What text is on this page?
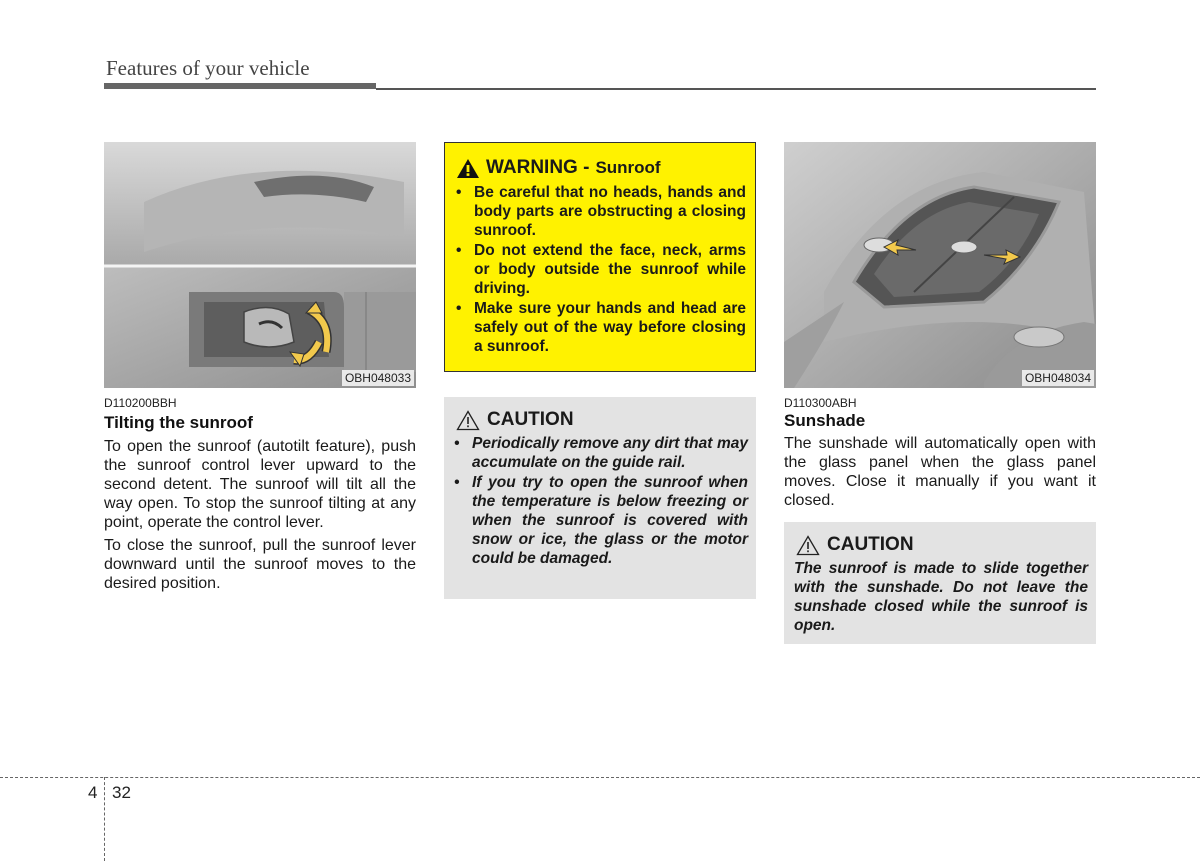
Features of your vehicle
OBH048033
D110200BBH
Tilting the sunroof

To open the sunroof (autotilt feature), push the sunroof control lever upward to the second detent. The sunroof will tilt all the way open. To stop the sunroof tilting at any point, operate the control lever.

To close the sunroof, pull the sunroof lever downward until the sunroof moves to the desired position.

WARNING - Sunroof
• Be careful that no heads, hands and body parts are obstructing a closing sunroof.
• Do not extend the face, neck, arms or body outside the sunroof while driving.
• Make sure your hands and head are safely out of the way before closing a sunroof.
CAUTION
• Periodically remove any dirt that may accumulate on the guide rail.
• If you try to open the sunroof when the temperature is below freezing or when the sunroof is covered with snow or ice, the glass or the motor could be damaged.
OBH048034
D110300ABH
Sunshade

The sunshade will automatically open with the glass panel when the glass panel moves. Close it manually if you want it closed.

CAUTION

The sunroof is made to slide together with the sunshade. Do not leave the sunshade closed while the sunroof is open.

4 32
